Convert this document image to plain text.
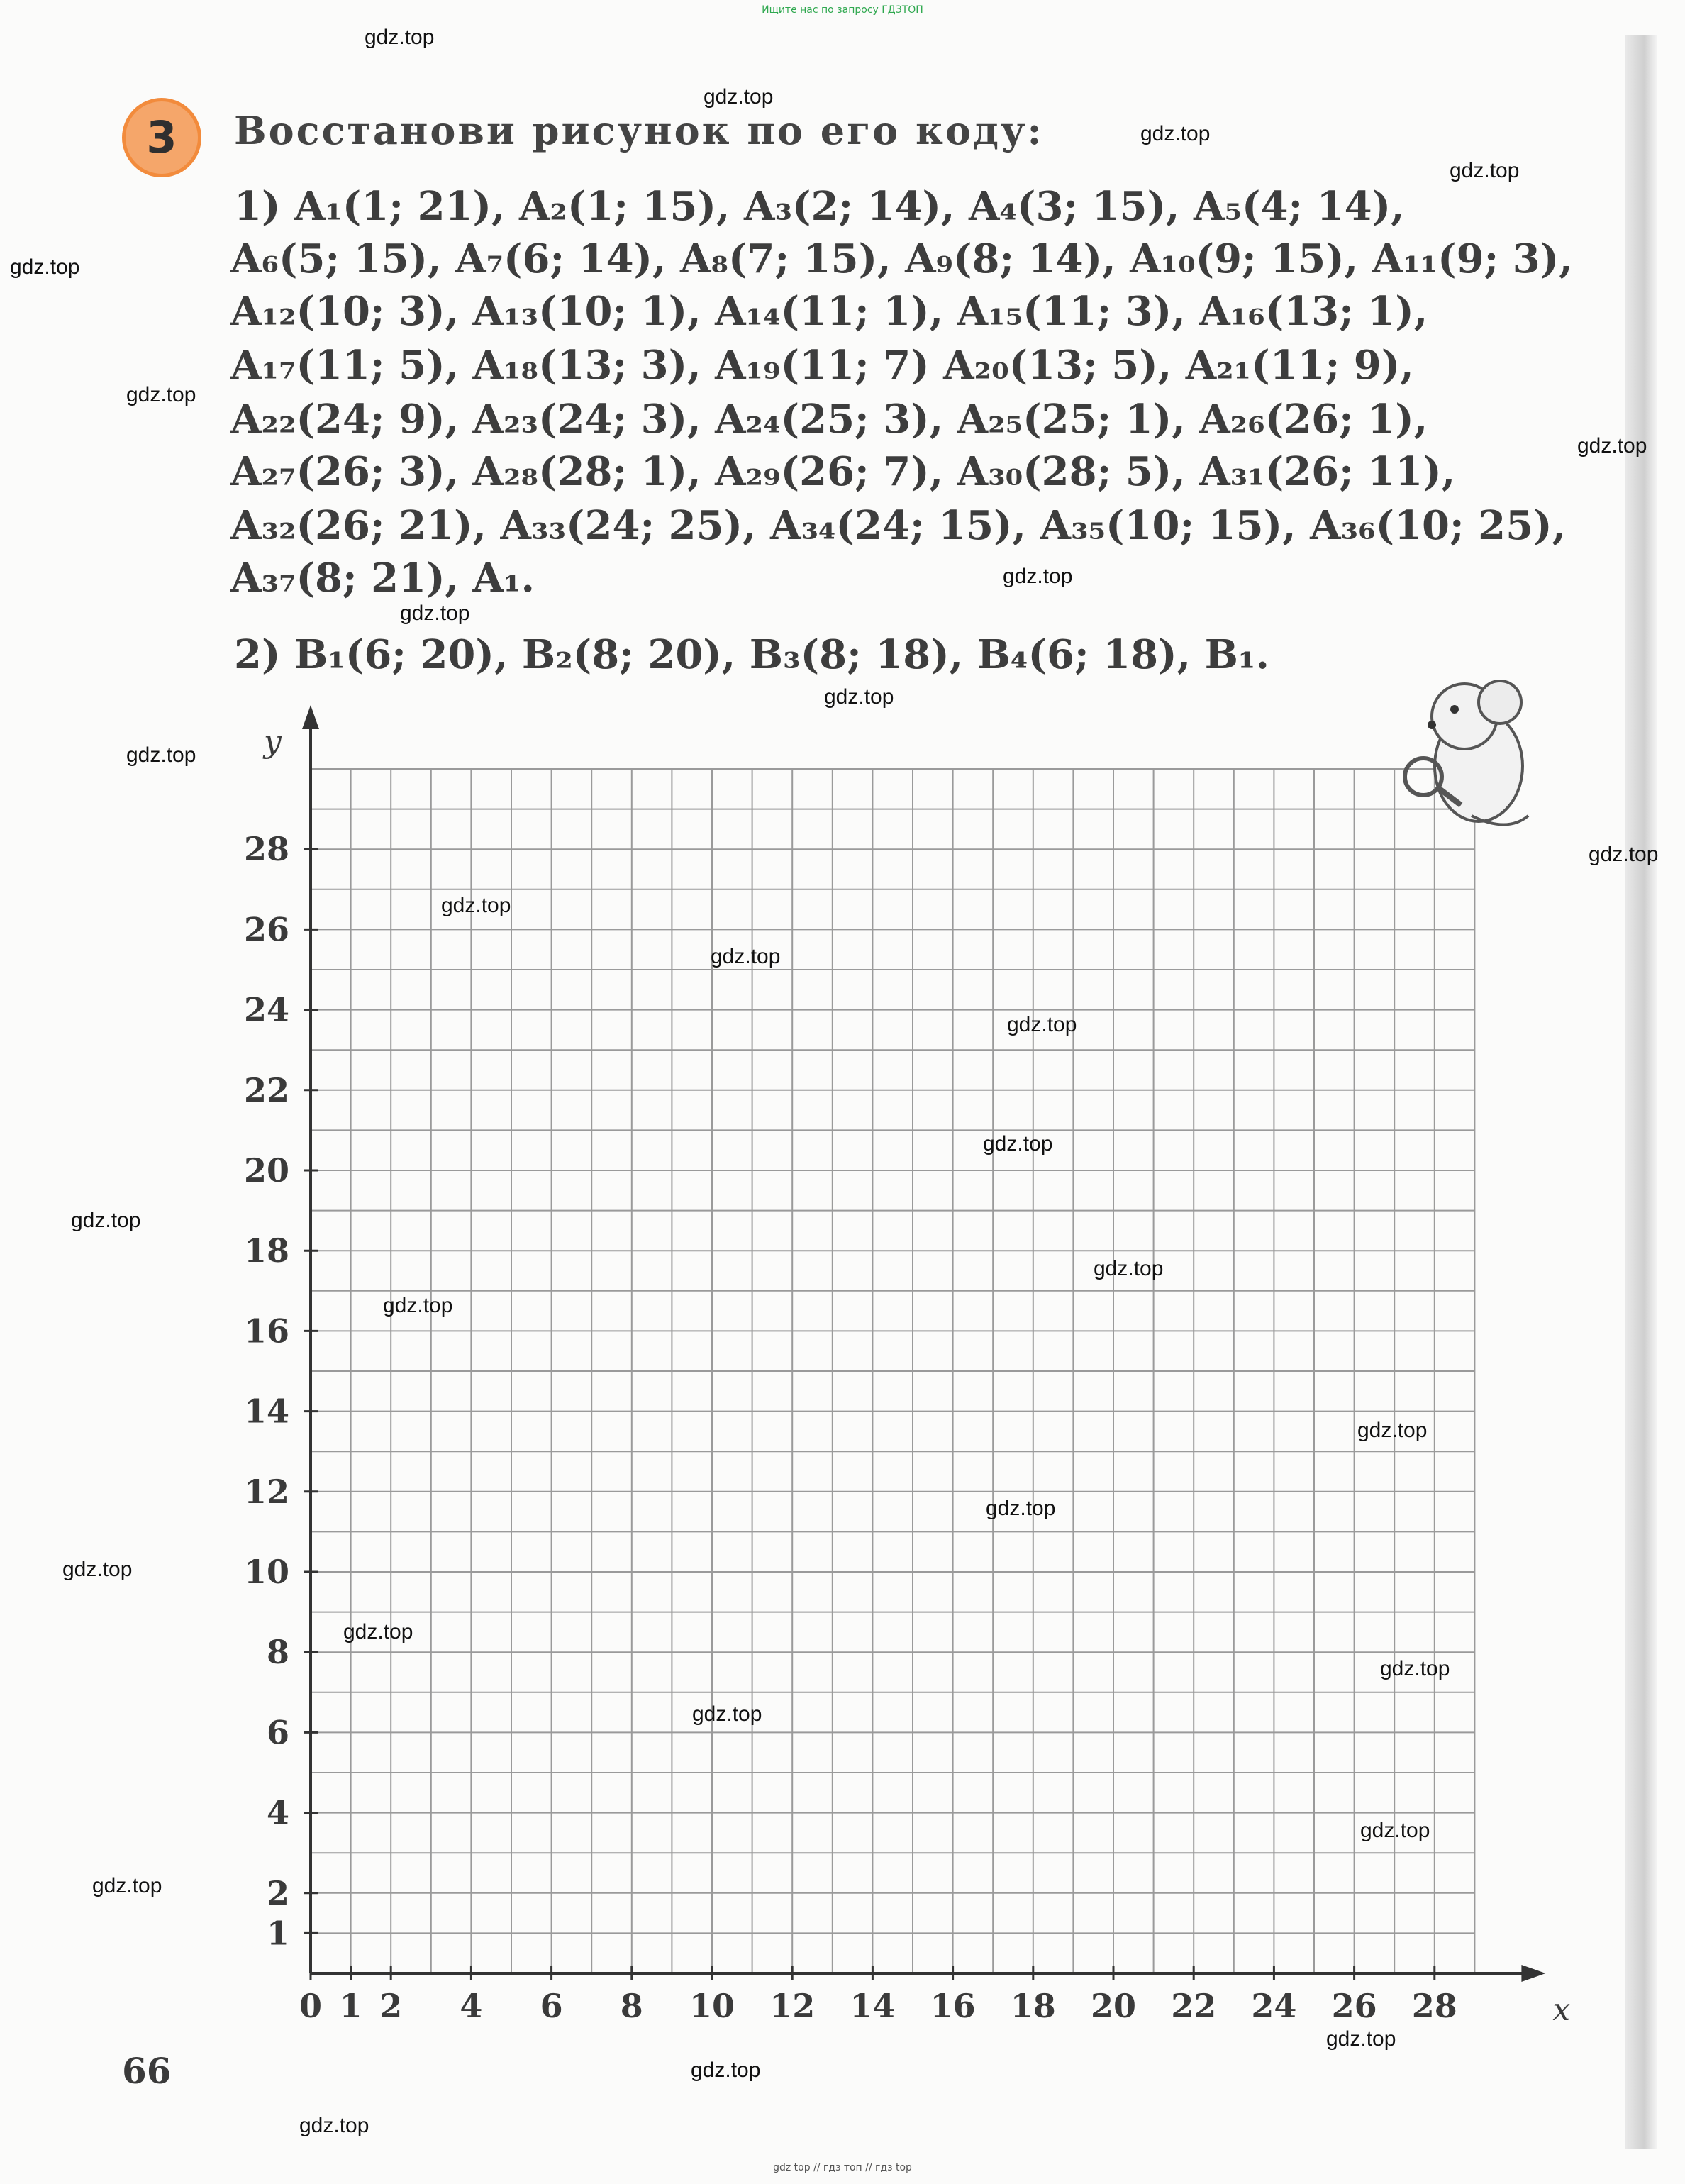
Ищите нас по запросу ГДЗТОП
3	Восстанови рисунок по его коду:
1) A₁(1; 21), A₂(1; 15), A₃(2; 14), A₄(3; 15), A₅(4; 14),
A₆(5; 15), A₇(6; 14), A₈(7; 15), A₉(8; 14), A₁₀(9; 15), A₁₁(9; 3),
A₁₂(10; 3), A₁₃(10; 1), A₁₄(11; 1), A₁₅(11; 3), A₁₆(13; 1),
A₁₇(11; 5), A₁₈(13; 3), A₁₉(11; 7) A₂₀(13; 5), A₂₁(11; 9),
A₂₂(24; 9), A₂₃(24; 3), A₂₄(25; 3), A₂₅(25; 1), A₂₆(26; 1),
A₂₇(26; 3), A₂₈(28; 1), A₂₉(26; 7), A₃₀(28; 5), A₃₁(26; 11),
A₃₂(26; 21), A₃₃(24; 25), A₃₄(24; 15), A₃₅(10; 15), A₃₆(10; 25),
A₃₇(8; 21), A₁.
2) B₁(6; 20), B₂(8; 20), B₃(8; 18), B₄(6; 18), B₁.
x
y
0 1 2 4 6 8 10 12 14 16 18 20 22 24 26 28
1
2
4
6
8
10
12
14
16
18
20
22
24
26
28
66
gdz top // гдз топ // гдз top
gdz.top
gdz.top
gdz.top
gdz.top
gdz.top
gdz.top
gdz.top
gdz.top
gdz.top
gdz.top
gdz.top
gdz.top
gdz.top
gdz.top
gdz.top
gdz.top
gdz.top
gdz.top
gdz.top
gdz.top
gdz.top
gdz.top
gdz.top
gdz.top
gdz.top
gdz.top
gdz.top
gdz.top
gdz.top
gdz.top
